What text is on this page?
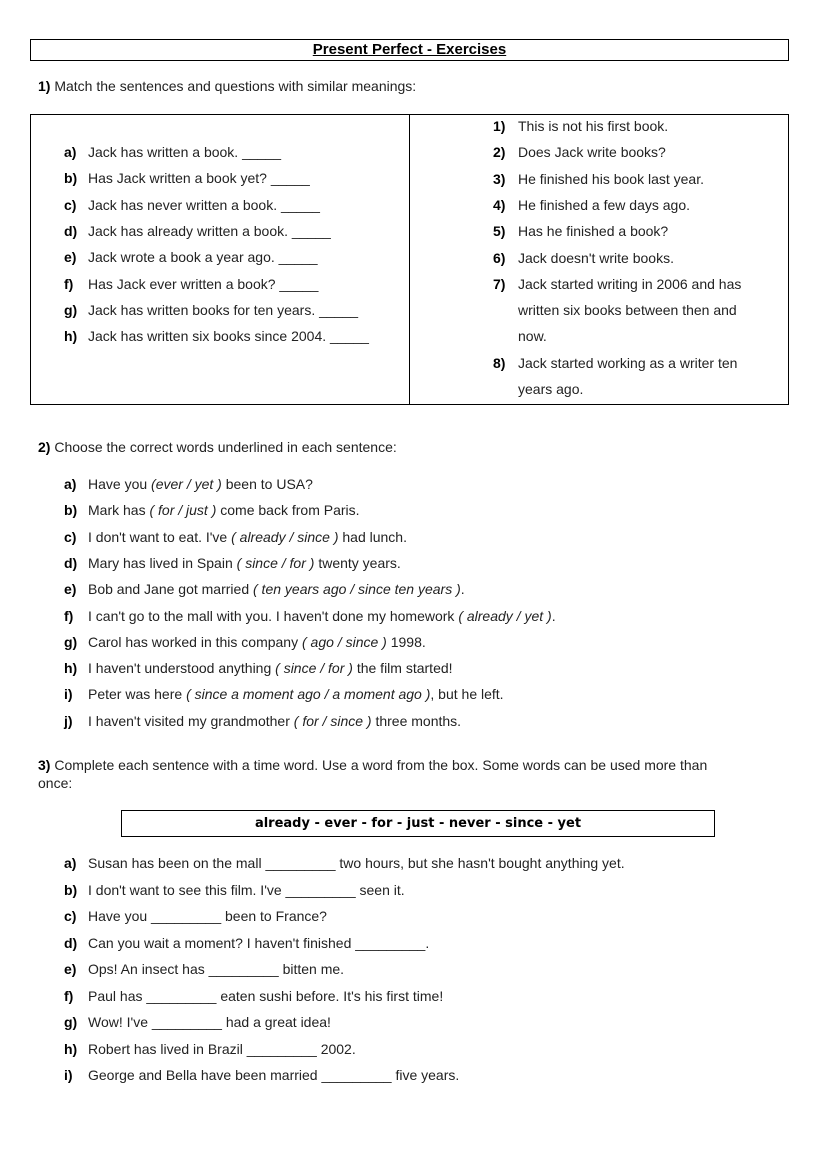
Present Perfect - Exercises
1) Match the sentences and questions with similar meanings:
a) Jack has written a book. _____
b) Has Jack written a book yet? _____
c) Jack has never written a book. _____
d) Jack has already written a book. _____
e) Jack wrote a book a year ago. _____
f) Has Jack ever written a book? _____
g) Jack has written books for ten years. _____
h) Jack has written six books since 2004. _____
1) This is not his first book.
2) Does Jack write books?
3) He finished his book last year.
4) He finished a few days ago.
5) Has he finished a book?
6) Jack doesn't write books.
7) Jack started writing in 2006 and has
written six books between then and
now.
8) Jack started working as a writer ten
years ago.
2) Choose the correct words underlined in each sentence:
a) Have you (ever / yet ) been to USA?
b) Mark has ( for / just ) come back from Paris.
c) I don't want to eat. I've ( already / since ) had lunch.
d) Mary has lived in Spain ( since / for ) twenty years.
e) Bob and Jane got married ( ten years ago / since ten years ).
f) I can't go to the mall with you. I haven't done my homework ( already / yet ).
g) Carol has worked in this company ( ago / since ) 1998.
h) I haven't understood anything ( since / for ) the film started!
i) Peter was here ( since a moment ago / a moment ago ), but he left.
j) I haven't visited my grandmother ( for / since ) three months.
3) Complete each sentence with a time word. Use a word from the box. Some words can be used more than
once:
already - ever - for - just - never - since - yet
a) Susan has been on the mall _________ two hours, but she hasn't bought anything yet.
b) I don't want to see this film. I've _________ seen it.
c) Have you _________ been to France?
d) Can you wait a moment? I haven't finished _________.
e) Ops! An insect has _________ bitten me.
f) Paul has _________ eaten sushi before. It's his first time!
g) Wow! I've _________ had a great idea!
h) Robert has lived in Brazil _________ 2002.
i) George and Bella have been married _________ five years.
